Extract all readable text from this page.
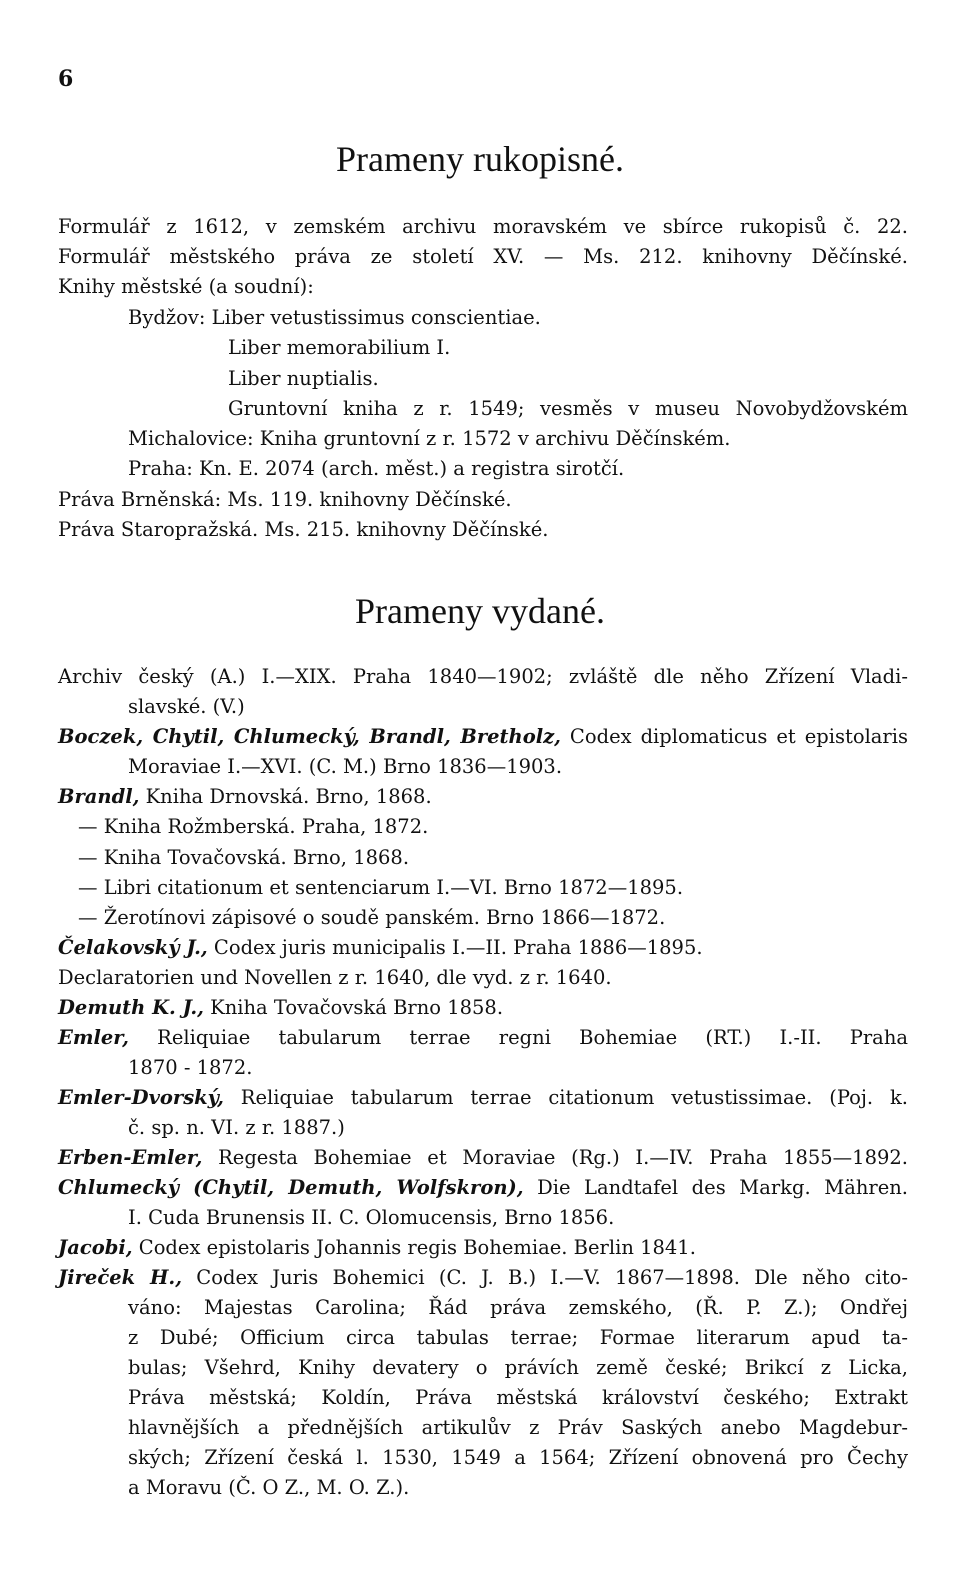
6
Prameny rukopisné.
Formulář z 1612, v zemském archivu moravském ve sbírce rukopisů č. 22.
Formulář městského práva ze století XV. — Ms. 212. knihovny Děčínské.
Knihy městské (a soudní):
Bydžov: Liber vetustissimus conscientiae.
Liber memorabilium I.
Liber nuptialis.
Gruntovní kniha z r. 1549; vesměs v museu Novobydžovském
Michalovice: Kniha gruntovní z r. 1572 v archivu Děčínském.
Praha: Kn. E. 2074 (arch. měst.) a registra sirotčí.
Práva Brněnská: Ms. 119. knihovny Děčínské.
Práva Staropražská. Ms. 215. knihovny Děčínské.
Prameny vydané.
Archiv český (A.) I.—XIX. Praha 1840—1902; zvláště dle něho Zřízení Vladi-
slavské. (V.)
Boczek, Chytil, Chlumecký, Brandl, Bretholz, Codex diplomaticus et epistolaris
Moraviae I.—XVI. (C. M.) Brno 1836—1903.
Brandl, Kniha Drnovská. Brno, 1868.
— Kniha Rožmberská. Praha, 1872.
— Kniha Tovačovská. Brno, 1868.
— Libri citationum et sentenciarum I.—VI. Brno 1872—1895.
— Žerotínovi zápisové o soudě panském. Brno 1866—1872.
Čelakovský J., Codex juris municipalis I.—II. Praha 1886—1895.
Declaratorien und Novellen z r. 1640, dle vyd. z r. 1640.
Demuth K. J., Kniha Tovačovská Brno 1858.
Emler, Reliquiae tabularum terrae regni Bohemiae (RT.) I.-II. Praha
1870 - 1872.
Emler-Dvorský, Reliquiae tabularum terrae citationum vetustissimae. (Poj. k.
č. sp. n. VI. z r. 1887.)
Erben-Emler, Regesta Bohemiae et Moraviae (Rg.) I.—IV. Praha 1855—1892.
Chlumecký (Chytil, Demuth, Wolfskron), Die Landtafel des Markg. Mähren.
I. Cuda Brunensis II. C. Olomucensis, Brno 1856.
Jacobi, Codex epistolaris Johannis regis Bohemiae. Berlin 1841.
Jireček H., Codex Juris Bohemici (C. J. B.) I.—V. 1867—1898. Dle něho cito-
váno: Majestas Carolina; Řád práva zemského, (Ř. P. Z.); Ondřej
z Dubé; Officium circa tabulas terrae; Formae literarum apud ta-
bulas; Všehrd, Knihy devatery o právích země české; Brikcí z Licka,
Práva městská; Koldín, Práva městská království českého; Extrakt
hlavnějších a přednějších artikulův z Práv Saských anebo Magdebur-
ských; Zřízení česká l. 1530, 1549 a 1564; Zřízení obnovená pro Čechy
a Moravu (Č. O Z., M. O. Z.).
